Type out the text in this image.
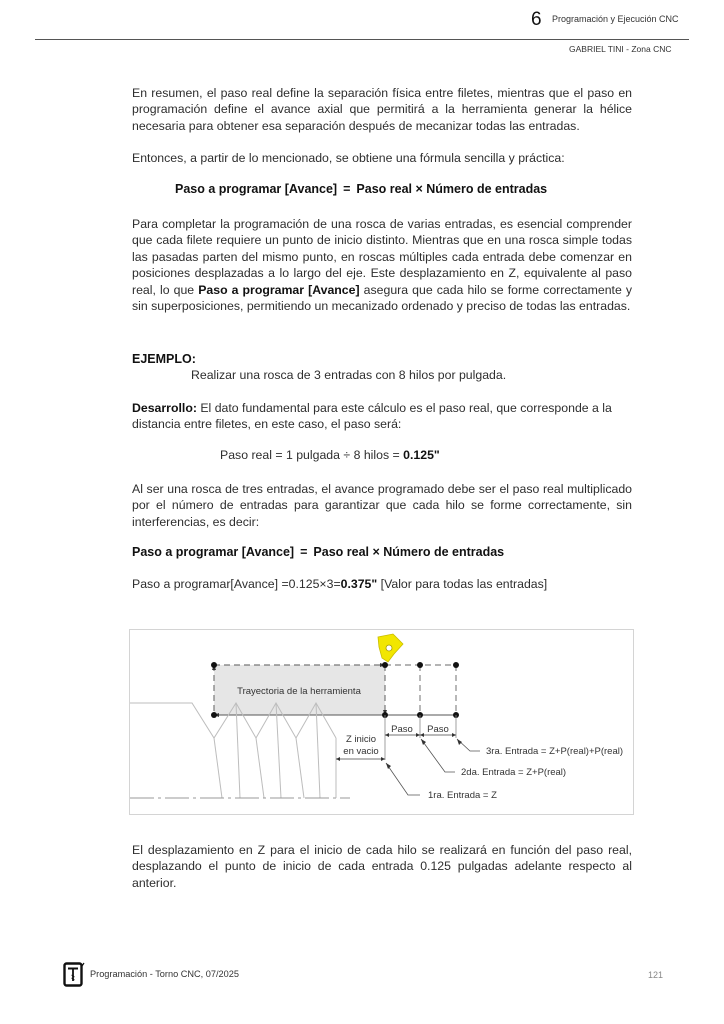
6 Programación y Ejecución CNC
GABRIEL TINI - Zona CNC
En resumen, el paso real define la separación física entre filetes, mientras que el paso en programación define el avance axial que permitirá a la herramienta generar la hélice necesaria para obtener esa separación después de mecanizar todas las entradas.
Entonces, a partir de lo mencionado, se obtiene una fórmula sencilla y práctica:
Paso a programar [Avance] = Paso real × Número de entradas
Para completar la programación de una rosca de varias entradas, es esencial comprender que cada filete requiere un punto de inicio distinto. Mientras que en una rosca simple todas las pasadas parten del mismo punto, en roscas múltiples cada entrada debe comenzar en posiciones desplazadas a lo largo del eje. Este desplazamiento en Z, equivalente al paso real, lo que Paso a programar [Avance] asegura que cada hilo se forme correctamente y sin superposiciones, permitiendo un mecanizado ordenado y preciso de todas las entradas.
EJEMPLO:
Realizar una rosca de 3 entradas con 8 hilos por pulgada.
Desarrollo: El dato fundamental para este cálculo es el paso real, que corresponde a la distancia entre filetes, en este caso, el paso será:
Paso real = 1 pulgada ÷ 8 hilos = 0.125"
Al ser una rosca de tres entradas, el avance programado debe ser el paso real multiplicado por el número de entradas para garantizar que cada hilo se forme correctamente, sin interferencias, es decir:
Paso a programar [Avance] = Paso real × Número de entradas
Paso a programar[Avance] =0.125×3=0.375" [Valor para todas las entradas]
Trayectoria de la herramienta
Paso Paso
Z inicio
en vacio
1ra. Entrada = Z
2da. Entrada = Z+P(real)
3ra. Entrada = Z+P(real)+P(real)
El desplazamiento en Z para el inicio de cada hilo se realizará en función del paso real, desplazando el punto de inicio de cada entrada 0.125 pulgadas adelante respecto al anterior.
Programación - Torno CNC, 07/2025	121
